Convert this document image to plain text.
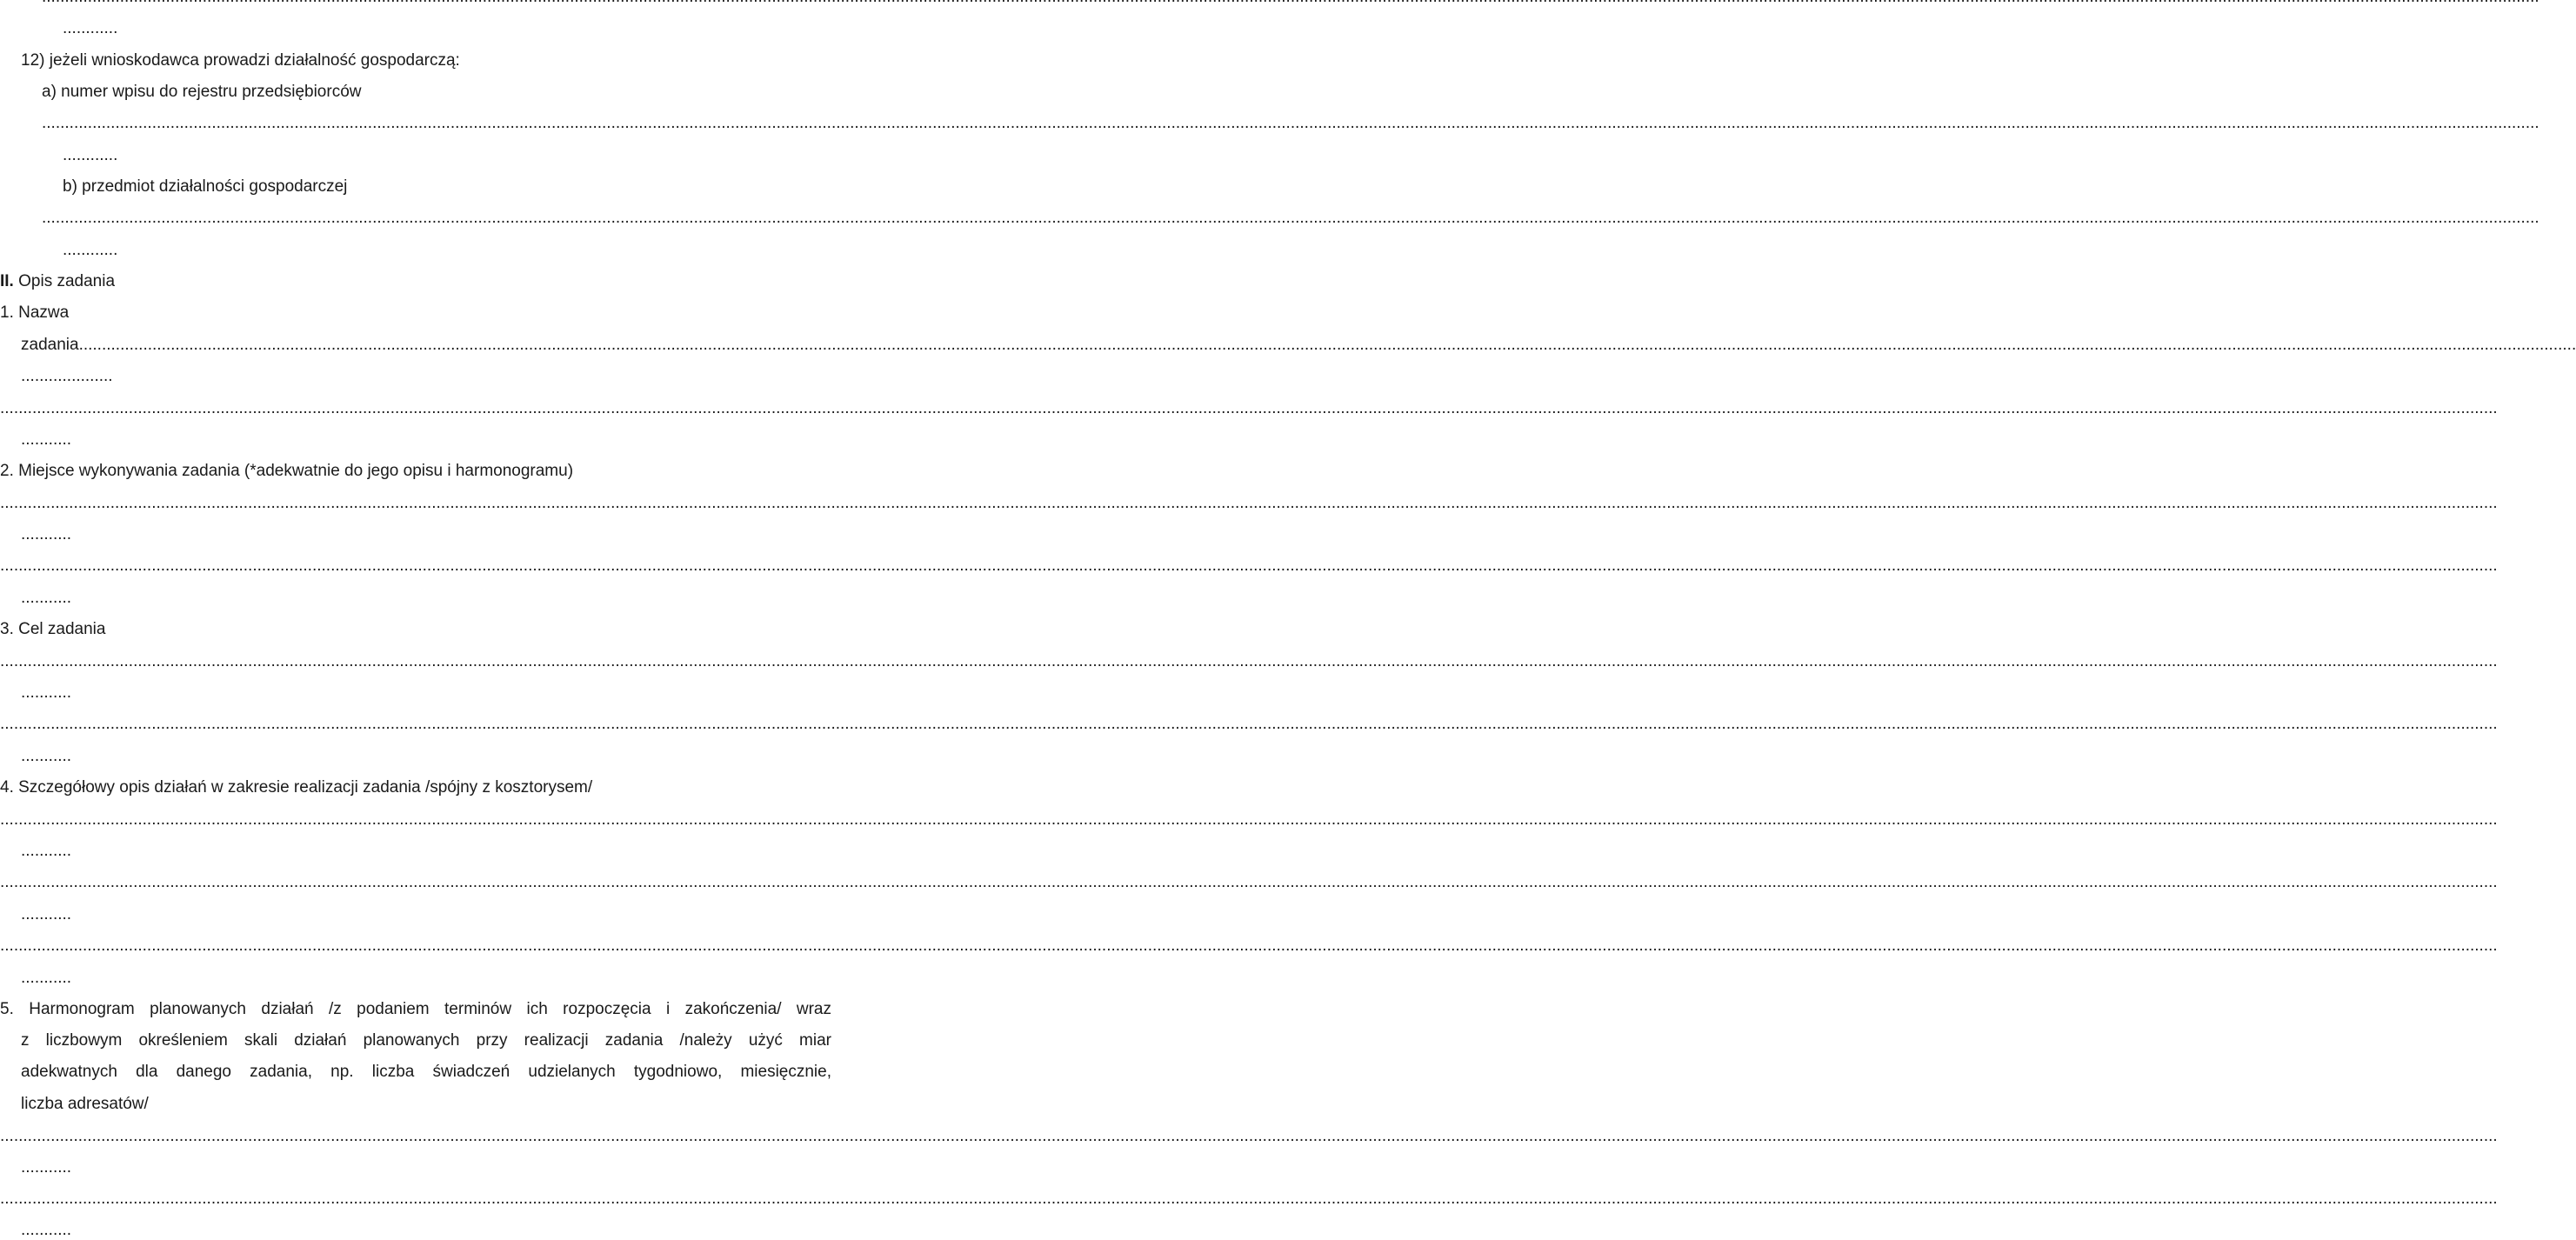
............
12) jeżeli wnioskodawca prowadzi działalność gospodarczą:
a) numer wpisu do rejestru przedsiębiorców
................................................................................................................................................................................................................................................................................................................................................................................................................................................................................................................................................................
............
b) przedmiot działalności gospodarczej
................................................................................................................................................................................................................................................................................................................................................................................................................................................................................................................................................................
............
II. Opis zadania
1. Nazwa
zadania................................................................................................................................................................................................................................................................................................................................................................................................................................................................................................................................................................
....................
................................................................................................................................................................................................................................................................................................................................................................................................................................................................................................................................................................
...........
2. Miejsce wykonywania zadania (*adekwatnie do jego opisu i harmonogramu)
................................................................................................................................................................................................................................................................................................................................................................................................................................................................................................................................................................
...........
................................................................................................................................................................................................................................................................................................................................................................................................................................................................................................................................................................
...........
3. Cel zadania
................................................................................................................................................................................................................................................................................................................................................................................................................................................................................................................................................................
...........
................................................................................................................................................................................................................................................................................................................................................................................................................................................................................................................................................................
...........
4. Szczegółowy opis działań w zakresie realizacji zadania /spójny z kosztorysem/
................................................................................................................................................................................................................................................................................................................................................................................................................................................................................................................................................................
...........
................................................................................................................................................................................................................................................................................................................................................................................................................................................................................................................................................................
...........
................................................................................................................................................................................................................................................................................................................................................................................................................................................................................................................................................................
...........
5. Harmonogram planowanych działań /z podaniem terminów ich rozpoczęcia i zakończenia/ wraz
z liczbowym określeniem skali działań planowanych przy realizacji zadania /należy użyć miar
adekwatnych dla danego zadania, np. liczba świadczeń udzielanych tygodniowo, miesięcznie,
liczba adresatów/
................................................................................................................................................................................................................................................................................................................................................................................................................................................................................................................................................................
...........
................................................................................................................................................................................................................................................................................................................................................................................................................................................................................................................................................................
...........
